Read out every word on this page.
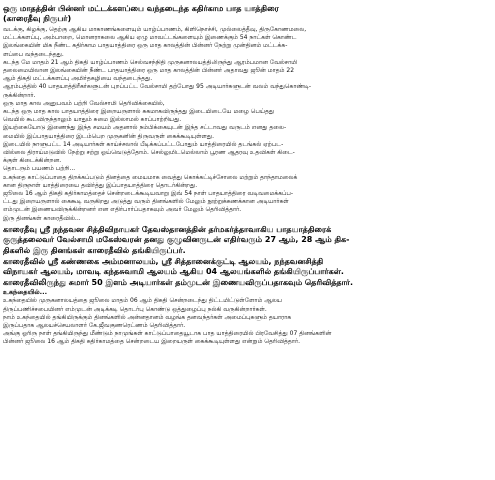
ஒரு மாதத்தின் பின்னர் மட்டக்களப்பை வந்தடைந்த கதிர்காம பாத யாத்திரை
(காரைதீவு நிருபர்)
வடக்கு, கிழக்கு, தெற்கு ஆகிய மாகாணங்களையும் யாழ்ப்பாணம், கிளிநொச்சி, முல்லைத்தீவு, திருகோணமலை,
மட்டக்களப்பு, அம்பாறை, மொனராகலை ஆகிய ஏழு மாவட்டங்களையும் இணைக்கும் 54 நாட்கள் கொண்ட
இலங்கையின் மிக நீண்ட கதிர்காம பாதயாத்திரை ஒரு மாத காலத்தின் பின்னர் நேற்று முன்தினம் மட்டக்க-
ளப்பை வந்தடைந்தது.
கடந்த மே மாதம் 21 ஆம் திகதி யாழ்ப்பாணம் செல்வசந்நிதி முருகனாலயத்திலிருந்து ஆரம்பமான வேல்சாமி
தலைமையிலான இலங்கையின் நீண்ட பாதயாத்திரை ஒரு மாத காலத்தின் பின்னர் அதாவது ஜூன் மாதம் 22
ஆம் திகதி மட்டக்களப்பு அமிர்தகழியை வந்தடைந்தது.
ஆரம்பத்தில் 40 பாதயாத்திரீகர்களுடன் புறப்பட்ட வேல்சாமி தற்போது 95 அடியார்களுடன் வலம் வந்துகொண்டி-
ருக்கின்றார்.
ஒரு மாத கால அனுபவம் பற்றி வேல்சாமி தெரிவிக்கையில்,
கடந்த ஒரு மாத கால பாதயாத்திரை இறையருளால் சுகமாகவிருந்தது இடையிடையே மழை பெய்தது
வெயில் கூடவிருந்தாலும் யாதும் சுமை இல்லாமல் காப்பாற்றியது.
இயற்கையோடு இணைந்து இந்த சமயம் அதனால் நம்பிக்கையுடன் இந்த சட்டாவது வருடம் எனது தலை-
மையில் இப்பாதயாத்திரை இடம்பெற முருகனின் திருவருள் கைக்கூடியுள்ளது.
இடையில் நாளுபட்ட 14 அடியார்கள் காய்ச்சலால் பீடிக்கப்பட்டபோதும் யாத்திரையில் தடங்கல் ஏற்பட-
வில்லை திராய்மடுவில் நேற்று சற்று ஓய்வெடுத்தோம். செல்லுமிடமெல்லாம் பூரண ஆதரவு உதவிகள் கிடை-
க்குள் கிடைக்கின்றன.
தொடரும் பயணம் பற்றி...
உகந்தை காட்டுப்பாதை திறக்கப்படும் தினத்தை மையமாக வைத்து கொக்கட்டிச்சோலை மற்றும் தாந்தாமலைக்
கான திருநாள் யாத்திரையை தவிர்த்து இப்பாதயாத்திரை தொடர்கின்றது.
ஜூலை 16 ஆம் திகதி கதிர்காமத்தைச் சென்றடைக்கூடியவாறு இவ் 54 நாள் பாதயாத்திரை வடிவமைக்கப்ப-
ட்டது இறையருளால் கைகூடி வருகிறது அடுத்து வரும் தினங்களில் மேலும் நூற்றுக்கணக்கான அடியார்கள்
எம்முடன் இணையவிருக்கின்றனர் என எதிர்பார்ப்பதாகவும் அவர் மேலும் தெரிவித்தார்.
இரு தினங்கள் காரைதீவில்...
காரைதீவு ஸ்ரீ நந்தவன சித்திவிநாயகர் தேவஸ்தானத்தின் தர்மகர்த்தாவாகிய பாதயாத்திரைக்
குருத்தலைவர் வேல்சாமி மகேஸ்வரன் தனது குழுவினருடன் எதிர்வரும் 27 ஆம், 28 ஆம் திக-
திகளில் இரு தினங்கள் காரைதீவில் தங்கியிருப்பர்.
காரைதீவில் ஸ்ரீ கண்ணகை அம்மனாலயம், ஸ்ரீ சித்தானைக்குட்டி ஆலயம், நந்தவனசித்தி
விநாயகர் ஆலயம், மாவடி கந்தசுவாமி ஆலயம் ஆகிய 04 ஆலயங்களில் தங்கியிருப்பார்கள்.
காரைதீவிலிருந்து சுமார் 50 இளம் அடியார்கள் தம்முடன் இணையவிருப்பதாகவும் தெரிவித்தார்.
உகந்தையில்...
உகந்தையில் முருகனாலயத்தை ஜூலை மாதம் 06 ஆம் திகதி சென்றடைந்து திட்டமிட்டுள்ளோம் ஆலய
திருப்பணிச்சபையினர் எம்முடன் அடிக்கடி தொடர்பு கொண்டு ஒத்துழைப்பு நல்கி வருகின்றார்கள்.
நாம் உகந்தையில் தங்கியிருக்கும் தினங்களில் அன்னதானம் வழங்க தனவந்தர்கள் அமைப்புகளும் தயாராக
இருப்பதாக ஆலயச்செயலாளர் கே.ஜீவகுணரெட்ணம் தெரிவித்தார்.
அங்கு ஓரிரு நாள் தங்கியிருந்து மீண்டும் நாமுங்கள் காட்டுப்பாதையூடாக பாத யாத்திரையில் பிரவேசித்து 07 தினங்களின்
பின்னர் ஜூலை 16 ஆம் திகதி கதிர்காமத்தை சென்றடைய இறையருள் கைக்கூடியுள்ளது என்றும் தெரிவித்தார்.
